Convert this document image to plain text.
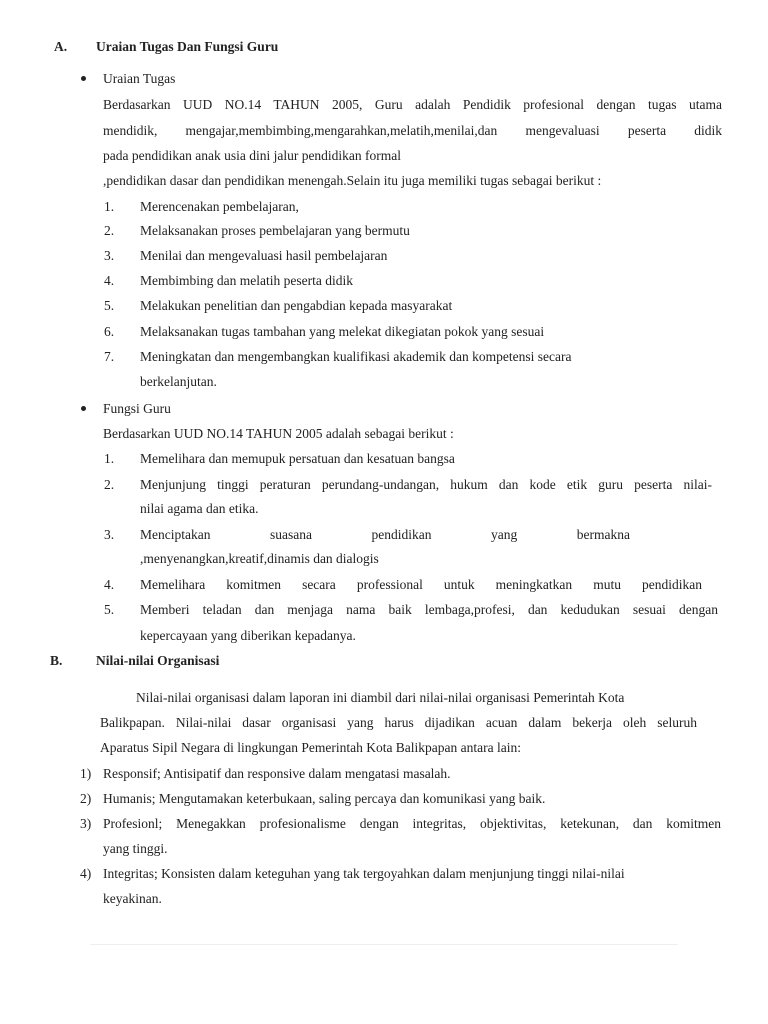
A. Uraian Tugas Dan Fungsi Guru
Uraian Tugas
Berdasarkan UUD NO.14 TAHUN 2005, Guru adalah Pendidik profesional dengan tugas utama
mendidik, mengajar,membimbing,mengarahkan,melatih,menilai,dan mengevaluasi peserta didik
pada pendidikan anak usia dini jalur pendidikan formal
,pendidikan dasar dan pendidikan menengah.Selain itu juga memiliki tugas sebagai berikut :
1. Merencenakan pembelajaran,
2. Melaksanakan proses pembelajaran yang bermutu
3. Menilai dan mengevaluasi hasil pembelajaran
4. Membimbing dan melatih peserta didik
5. Melakukan penelitian dan pengabdian kepada masyarakat
6. Melaksanakan tugas tambahan yang melekat dikegiatan pokok yang sesuai
7. Meningkatan dan mengembangkan kualifikasi akademik dan kompetensi secara
berkelanjutan.
Fungsi Guru
Berdasarkan UUD NO.14 TAHUN 2005 adalah sebagai berikut :
1. Memelihara dan memupuk persatuan dan kesatuan bangsa
2. Menjunjung tinggi peraturan perundang-undangan, hukum dan kode etik guru peserta nilai-
nilai agama dan etika.
3. Menciptakan suasana pendidikan yang bermakna
,menyenangkan,kreatif,dinamis dan dialogis
4. Memelihara komitmen secara professional untuk meningkatkan mutu pendidikan
5. Memberi teladan dan menjaga nama baik lembaga,profesi, dan kedudukan sesuai dengan
kepercayaan yang diberikan kepadanya.
B. Nilai-nilai Organisasi
Nilai-nilai organisasi dalam laporan ini diambil dari nilai-nilai organisasi Pemerintah Kota
Balikpapan. Nilai-nilai dasar organisasi yang harus dijadikan acuan dalam bekerja oleh seluruh
Aparatus Sipil Negara di lingkungan Pemerintah Kota Balikpapan antara lain:
1) Responsif; Antisipatif dan responsive dalam mengatasi masalah.
2) Humanis; Mengutamakan keterbukaan, saling percaya dan komunikasi yang baik.
3) Profesionl; Menegakkan profesionalisme dengan integritas, objektivitas, ketekunan, dan komitmen
yang tinggi.
4) Integritas; Konsisten dalam keteguhan yang tak tergoyahkan dalam menjunjung tinggi nilai-nilai
keyakinan.
